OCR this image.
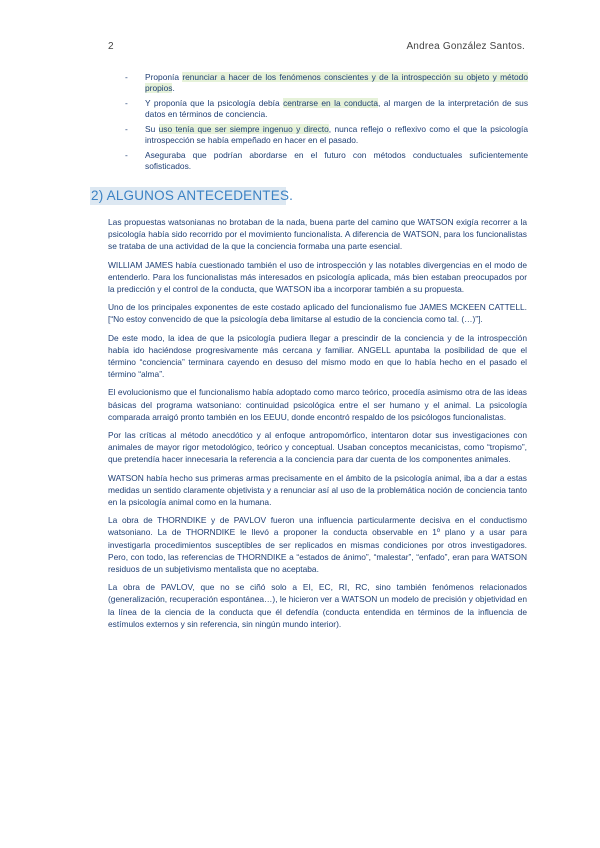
2	Andrea González Santos.
- Proponía renunciar a hacer de los fenómenos conscientes y de la introspección su objeto y método propios.
- Y proponía que la psicología debía centrarse en la conducta, al margen de la interpretación de sus datos en términos de conciencia.
- Su uso tenía que ser siempre ingenuo y directo, nunca reflejo o reflexivo como el que la psicología introspección se había empeñado en hacer en el pasado.
- Aseguraba que podrían abordarse en el futuro con métodos conductuales suficientemente sofisticados.
2) ALGUNOS ANTECEDENTES.

Las propuestas watsonianas no brotaban de la nada, buena parte del camino que WATSON exigía recorrer a la psicología había sido recorrido por el movimiento funcionalista. A diferencia de WATSON, para los funcionalistas se trataba de una actividad de la que la conciencia formaba una parte esencial.

WILLIAM JAMES había cuestionado también el uso de introspección y las notables divergencias en el modo de entenderlo. Para los funcionalistas más interesados en psicología aplicada, más bien estaban preocupados por la predicción y el control de la conducta, que WATSON iba a incorporar también a su propuesta.

Uno de los principales exponentes de este costado aplicado del funcionalismo fue JAMES MCKEEN CATTELL. [“No estoy convencido de que la psicología deba limitarse al estudio de la conciencia como tal. (…)”].

De este modo, la idea de que la psicología pudiera llegar a prescindir de la conciencia y de la introspección había ido haciéndose progresivamente más cercana y familiar. ANGELL apuntaba la posibilidad de que el término “conciencia” terminara cayendo en desuso del mismo modo en que lo había hecho en el pasado el término “alma”.

El evolucionismo que el funcionalismo había adoptado como marco teórico, procedía asimismo otra de las ideas básicas del programa watsoniano: continuidad psicológica entre el ser humano y el animal. La psicología comparada arraigó pronto también en los EEUU, donde encontró respaldo de los psicólogos funcionalistas.

Por las críticas al método anecdótico y al enfoque antropomórfico, intentaron dotar sus investigaciones con animales de mayor rigor metodológico, teórico y conceptual. Usaban conceptos mecanicistas, como “tropismo”, que pretendía hacer innecesaria la referencia a la conciencia para dar cuenta de los componentes animales.

WATSON había hecho sus primeras armas precisamente en el ámbito de la psicología animal, iba a dar a estas medidas un sentido claramente objetivista y a renunciar así al uso de la problemática noción de conciencia tanto en la psicología animal como en la humana.

La obra de THORNDIKE y de PAVLOV fueron una influencia particularmente decisiva en el conductismo watsoniano. La de THORNDIKE le llevó a proponer la conducta observable en 1º plano y a usar para investigarla procedimientos susceptibles de ser replicados en mismas condiciones por otros investigadores. Pero, con todo, las referencias de THORNDIKE a “estados de ánimo”, “malestar”, “enfado”, eran para WATSON residuos de un subjetivismo mentalista que no aceptaba.

La obra de PAVLOV, que no se ciñó solo a EI, EC, RI, RC, sino también fenómenos relacionados (generalización, recuperación espontánea…), le hicieron ver a WATSON un modelo de precisión y objetividad en la línea de la ciencia de la conducta que él defendía (conducta entendida en términos de la influencia de estímulos externos y sin referencia, sin ningún mundo interior).
